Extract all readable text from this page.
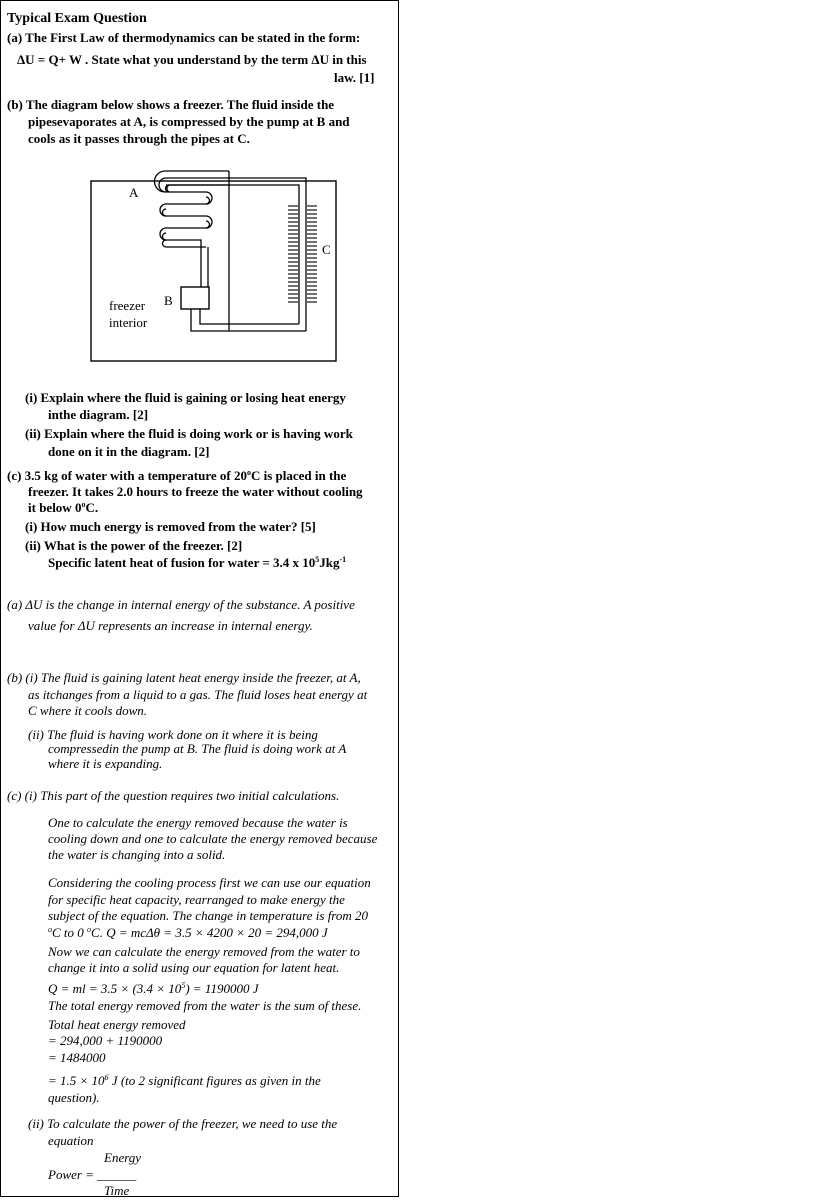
Typical Exam Question
(a) The First Law of thermodynamics can be stated in the form:
ΔU = Q+ W . State what you understand by the term ΔU in this
law. [1]
(b) The diagram below shows a freezer. The fluid inside the
pipesevaporates at A, is compressed by the pump at B and
cools as it passes through the pipes at C.
A
C
B
freezer
interior
(i) Explain where the fluid is gaining or losing heat energy
inthe diagram. [2]
(ii) Explain where the fluid is doing work or is having work
done on it in the diagram. [2]
(c) 3.5 kg of water with a temperature of 20$^o$C is placed in the
freezer. It takes 2.0 hours to freeze the water without cooling
it below 0$^o$C.
(i) How much energy is removed from the water? [5]
(ii) What is the power of the freezer. [2]
Specific latent heat of fusion for water = 3.4 x $10^5Jkg^{-1}$
(a) ΔU is the change in internal energy of the substance. A positive
value for ΔU represents an increase in internal energy.
(b) (i) The fluid is gaining latent heat energy inside the freezer, at A,
as itchanges from a liquid to a gas. The fluid loses heat energy at
C where it cools down.
(ii) The fluid is having work done on it where it is being
compressedin the pump at B. The fluid is doing work at A
where it is expanding.
(c) (i) This part of the question requires two initial calculations.
One to calculate the energy removed because the water is
cooling down and one to calculate the energy removed because
the water is changing into a solid.
Considering the cooling process first we can use our equation
for specific heat capacity, rearranged to make energy the
subject of the equation. The change in temperature is from 20
$^o$C to 0 $^o$C. Q = mcΔθ = 3.5 × 4200 × 20 = 294,000 J
Now we can calculate the energy removed from the water to
change it into a solid using our equation for latent heat.
Q = ml = $3.5 \times (3.4 \times 10^5) = 1190000$ J
The total energy removed from the water is the sum of these.
Total heat energy removed
= 294,000 + 1190000
= 1484000
= $1.5 \times 10^6$ J (to 2 significant figures as given in the
question).
(ii) To calculate the power of the freezer, we need to use the
equation
Energy
Power = ______
Time
